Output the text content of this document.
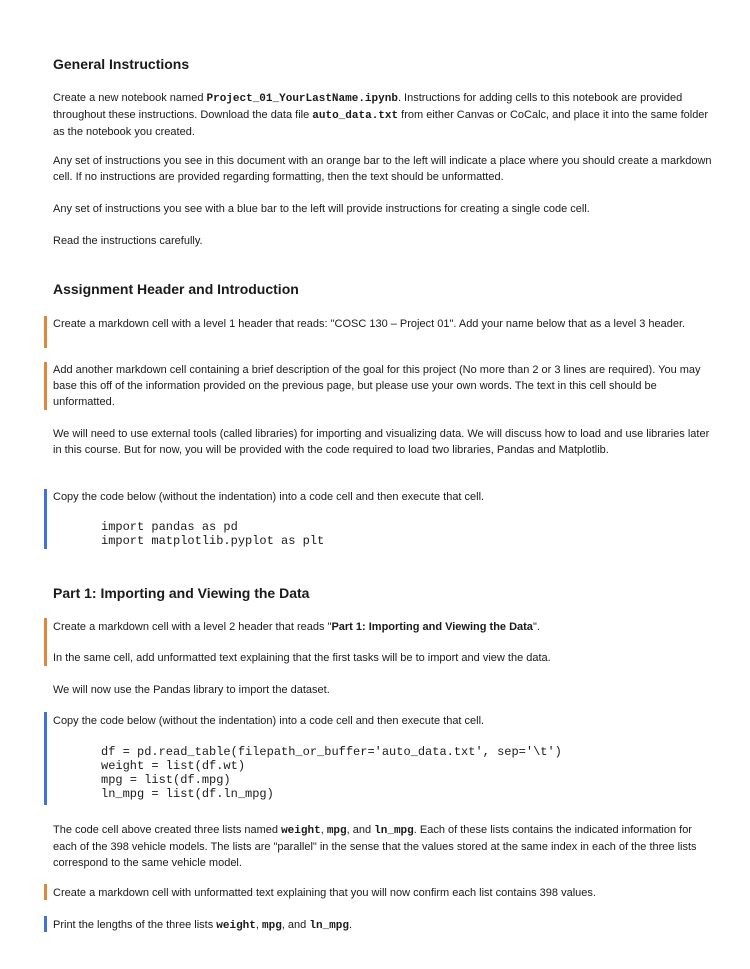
General Instructions
Create a new notebook named Project_01_YourLastName.ipynb. Instructions for adding cells to this notebook are provided throughout these instructions. Download the data file auto_data.txt from either Canvas or CoCalc, and place it into the same folder as the notebook you created.
Any set of instructions you see in this document with an orange bar to the left will indicate a place where you should create a markdown cell. If no instructions are provided regarding formatting, then the text should be unformatted.
Any set of instructions you see with a blue bar to the left will provide instructions for creating a single code cell.
Read the instructions carefully.
Assignment Header and Introduction
Create a markdown cell with a level 1 header that reads: "COSC 130 – Project 01". Add your name below that as a level 3 header.
Add another markdown cell containing a brief description of the goal for this project (No more than 2 or 3 lines are required). You may base this off of the information provided on the previous page, but please use your own words. The text in this cell should be unformatted.
We will need to use external tools (called libraries) for importing and visualizing data. We will discuss how to load and use libraries later in this course. But for now, you will be provided with the code required to load two libraries, Pandas and Matplotlib.
Copy the code below (without the indentation) into a code cell and then execute that cell.
import pandas as pd
import matplotlib.pyplot as plt
Part 1: Importing and Viewing the Data
Create a markdown cell with a level 2 header that reads "Part 1: Importing and Viewing the Data".
In the same cell, add unformatted text explaining that the first tasks will be to import and view the data.
We will now use the Pandas library to import the dataset.
Copy the code below (without the indentation) into a code cell and then execute that cell.
df = pd.read_table(filepath_or_buffer='auto_data.txt', sep='\t')
weight = list(df.wt)
mpg = list(df.mpg)
ln_mpg = list(df.ln_mpg)
The code cell above created three lists named weight, mpg, and ln_mpg. Each of these lists contains the indicated information for each of the 398 vehicle models. The lists are "parallel" in the sense that the values stored at the same index in each of the three lists correspond to the same vehicle model.
Create a markdown cell with unformatted text explaining that you will now confirm each list contains 398 values.
Print the lengths of the three lists weight, mpg, and ln_mpg.
